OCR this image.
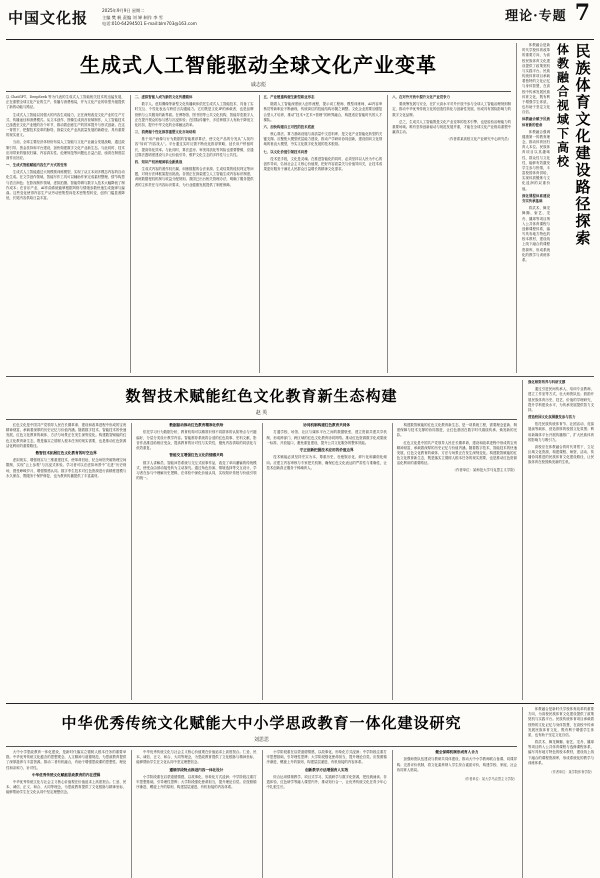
中国文化报	2025年9月9日 星期二
主编 樊 帆 责编 刘 婵 制作 李 雪
电话:010-64294501 E-mail:blm703@163.com	理论·专题 7
生成式人工智能驱动全球文化产业变革
戚志彪

以 ChatGPT、DeepSeek 等为代表的生成式人工智能相关技术的迅猛发展，正在重塑全球文化产业的生产、传播与消费格局，并为文化产业的转型升级提供了新的动能与路径。

生成式人工智能以其强大的内容生成能力，正在深刻改变文化产业的生产方式、传播途径和消费模式。从文本创作、图像生成到音视频制作，人工智能技术已渗透至文化产业链的各个环节，推动着创意生产的效率提升与形式创新。在这一背景下，把握技术变革的脉络，探索文化产业高质量发展的新路径，具有重要的现实意义。

当前，全球主要经济体纷纷布局人工智能与文化产业融合发展战略，通过政策引导、资金扶持和平台建设，加快构建数字文化产业新生态。与此同时，技术应用带来的版权归属、内容真实性、伦理规范等问题也日益凸显，亟须在制度层面作出回应。

一、生成式智能赋能内容生产方式的变革

生成式人工智能通过大规模预训练模型，实现了从文本到多模态内容的自动化生成。在文学创作领域，智能写作工具可以辅助作家完成素材整理、情节构思与语言润色；在影视制作领域，虚拟拍摄、智能剪辑与数字人技术大幅降低了制作成本；在音乐产业，AI作曲系统能够根据风格与情绪参数快速生成旋律与编曲。这些变化使得内容生产从劳动密集型向技术密集型转变，创作门槛显著降低，长尾内容供给日益丰富。

二、虚拟智能人成为新的文化传播载体

数字人、虚拟偶像等新型文化传播载体依托生成式人工智能技术，具备了实时交互、个性化表达与跨语言沟通能力。它们既是文化IP的承载者，也是品牌营销与公共服务的新界面。在博物馆、图书馆等公共文化机构，智能导览数字人正在提升观众的参与感与沉浸体验；在国际传播中，多语种数字人有助于降低文化折扣，提升中华文化的全球触达效率。

三、消费端个性化推荐重塑文化市场结构

基于用户画像与行为数据的智能推荐算法，使文化产品的分发从“人找内容”转向“内容找人”。平台通过实时反馈不断优化推荐策略，延长用户停留时长，提高转化效率。与此同时，算法茧房、审美同质化等风险也需要警惕，应通过算法透明度建设与多元价值引导，维护文化生态的多样性与公共性。

四、知识产权治理面临全新挑战

生成式内容的著作权归属、训练数据的合法来源、生成结果的侵权判定等问题，对现行法律框架提出挑战。各国正在探索建立人工智能生成内容标识制度、训练数据授权机制与收益分配规则。我国已出台相关管理办法，明确了服务提供者的主体责任与内容标识要求，为行业健康发展提供了制度保障。

五、产业链重构催生新型职业形态

随着人工智能深度嵌入创作流程，提示词工程师、模型训练师、AI内容审核员等新职业不断涌现，传统岗位的技能结构亦随之调整。文化企业需要加强复合型人才培养，推动“技术+艺术+管理”的跨界融合，构建适应智能时代的人才梯队。

六、加快构建自主可控的技术底座

核心算法、算力基础设施与高质量中文语料库，是文化产业智能化转型的关键支撑。应聚焦大模型底层能力建设，推动产学研用协同创新，建设面向文化领域的垂直大模型，夯实文化数字化发展的技术根基。

七、以文化价值引领技术向善

技术是手段，文化是灵魂。在推进智能化的同时，必须坚持以人民为中心的创作导向，弘扬社会主义核心价值观，把好内容质量关与价值导向关，让技术成果更好服务于满足人民群众日益增长的精神文化需求。

八、在对外开放中提升文化产业竞争力

要统筹发展与安全，在扩大高水平对外开放中参与全球人工智能治理规则制定，推动中华优秀传统文化的创造性转化与创新性发展，形成具有国际影响力的数字文化品牌。

总之，生成式人工智能既是文化产业变革的技术引擎，也是检验治理能力的重要场域。唯有坚持创新驱动与规范发展并重，才能在全球文化产业格局重塑中赢得主动。

（作者系某高校文化产业研究中心研究员）	民族体育文化建设路径探索
体教融合视域下高校

体教融合是新时代学校体育改革的重要方向，为高校民族体育文化建设提供了政策契机与实践平台。民族传统体育项目承载着独特的文化记忆与身体智慧，在高校中传承发展民族体育文化，既有利于增强学生体质，也有助于坚定文化自信。

体教融合赋予民族体育新的使命

体教融合强调健康第一的教育理念，推动体育回归育人本位。民族体育项目以其趣味性、群众性与文化性，能够有效激发学生参与热情，丰富校园体育供给，实现体质锻炼与文化浸润的双重价值。

深化课程体系建设夯实传承基础

将武术、舞龙舞狮、射艺、龙舟、毽球等项目纳入公共体育课程与选修课程体系，编写具有地方特色的校本教材，建设线上线下融合的课程资源库，形成系统化的教学与训练体系。

数智技术赋能红色文化教育新生态构建
赵 英

红色文化是中国共产党领导人民在长期革命、建设和改革进程中形成的宝贵精神财富，承载着深厚的历史记忆与价值内涵。随着数字技术、智能技术的快速发展，红色文化教育的载体、方法与场景正在发生深刻变化。构建数智赋能的红色文化教育新生态，既是落实立德树人根本任务的现实需要，也是推动红色资源活化利用的重要路径。

数智技术拓展红色文化教育的时空边界

虚拟现实、增强现实与三维重建技术，使革命旧址、纪念场馆突破物理空间限制，实现“云上参观”与沉浸式体验。学习者可以在虚拟场景中“走进”历史现场，感受峥嵘岁月，增强情感认同。数字孪生技术对红色资源进行高精度建模与永久保存，既服务于保护修复，也为教育传播提供了丰富素材。

数据驱动推动红色教育精准化供给

依托学习行为数据分析，教育机构可以精准识别不同群体的认知特点与兴趣偏好，分层分类设计教学内容。智能推荐系统将合适的红色故事、史料文献、影音作品推送给相应受众，提高教育的针对性与实效性，避免内容供给的同质化与低效重复。

智能交互增强红色文化的情感共鸣

数字人讲解员、智能问答系统与交互式叙事作品，改变了单向灌输的传统模式，使受众由被动接受转为主动探究。通过角色扮演、情境选择等交互设计，学习者在参与中理解历史逻辑，在体验中深化价值认同，实现知识传授与价值引领的统一。

协同机制构建红色教育共同体

打通学校、场馆、社区与媒体平台之间的数据壁垒，建立资源共建共享机制，形成跨部门、跨区域的红色文化教育协同网络。推动红色资源数字化成果统一标准、开放接口，避免重复建设，提升公共文化服务的整体效能。

守正创新把握技术应用的价值边界

技术赋能必须坚持史实为本、尊重历史，杜绝娱乐化、碎片化和庸俗化倾向。应建立内容审核与专家把关机制，确保红色文化表达的严肃性与准确性，让技术创新真正服务于铸魂育人。

构建数智赋能的红色文化教育新生态，是一项系统工程，需要理念更新、制度保障与技术支撑的协同推进，让红色基因在数字时代赓续传承、焕发新的光彩。

红色文化是中国共产党领导人民在长期革命、建设和改革进程中形成的宝贵精神财富，承载着深厚的历史记忆与价值内涵。随着数字技术、智能技术的快速发展，红色文化教育的载体、方法与场景正在发生深刻变化。构建数智赋能的红色文化教育新生态，既是落实立德树人根本任务的现实需要，也是推动红色资源活化利用的重要路径。

（作者单位：某师范大学马克思主义学院）

强化师资培养与科研支撑

通过引进民间传承人、培训专业教师、建立工作室等方式，壮大师资队伍；鼓励开展民族体育历史、技艺、价值的学理研究，提升学科建设水平，为传承发展提供智力支持。

营造校园文化氛围激发参与活力

依托民族传统体育节、社团活动、竞赛展演等载体，营造浓厚的校园文化氛围；利用新媒体平台开展传播推广，扩大民族体育的影响力与吸引力。

高校应在体教融合的时代背景下，立足区域文化资源，构建课程、师资、活动、传播协同推进的民族体育文化建设路径，让民族体育在校园焕发新的生机。

中华优秀传统文化赋能大中小学思政教育一体化建设研究
刘思思

大中小学思政教育一体化建设，是新时代落实立德树人根本任务的重要举措。中华优秀传统文化蕴含的思想观念、人文精神与道德规范，为思政教育提供了深厚滋养与丰富资源。推动二者有机融合，有助于增强思政课的思想性、理论性和亲和力、针对性。

中华优秀传统文化赋能思政教育的内在逻辑

中华优秀传统文化与社会主义核心价值观在价值追求上高度契合。仁爱、民本、诚信、正义、和合、大同等理念，为思政教育提供了文化根脉与精神坐标，能够帮助学生在文化认同中坚定理想信念。

中华优秀传统文化与社会主义核心价值观在价值追求上高度契合。仁爱、民本、诚信、正义、和合、大同等理念，为思政教育提供了文化根脉与精神坐标，能够帮助学生在文化认同中坚定理想信念。

遵循学段特点推进内容一体化设计

小学阶段重在启蒙道德情感，以故事化、形象化方式浸润；中学阶段注重打牢思想基础，引导理性思辨；大学阶段强化使命担当，提升理论自觉。应按照循序渐进、螺旋上升的原则，构建层层递进、有机衔接的内容体系。

小学阶段重在启蒙道德情感，以故事化、形象化方式浸润；中学阶段注重打牢思想基础，引导理性思辨；大学阶段强化使命担当，提升理论自觉。应按照循序渐进、螺旋上升的原则，构建层层递进、有机衔接的内容体系。

创新教学方法增强育人实效

综合运用情境教学、项目式学习、实践研学与数字化资源，把经典诵读、非遗体验、红色研学等融入课堂内外，推动知行合一，让优秀传统文化在青少年心中扎根生长。

健全保障机制形成育人合力

加强师资队伍建设与教研共同体建设，推动大中小学教师联合备课、同课异构；完善评价机制，将文化素养纳入学生综合素质评价，构建学校、家庭、社会协同育人格局。

（作者单位：某大学马克思主义学院）

体教融合是新时代学校体育改革的重要方向，为高校民族体育文化建设提供了政策契机与实践平台。民族传统体育项目承载着独特的文化记忆与身体智慧，在高校中传承发展民族体育文化，既有利于增强学生体质，也有助于坚定文化自信。

将武术、舞龙舞狮、射艺、龙舟、毽球等项目纳入公共体育课程与选修课程体系，编写具有地方特色的校本教材，建设线上线下融合的课程资源库，形成系统化的教学与训练体系。

（作者单位：某学院体育学院）
